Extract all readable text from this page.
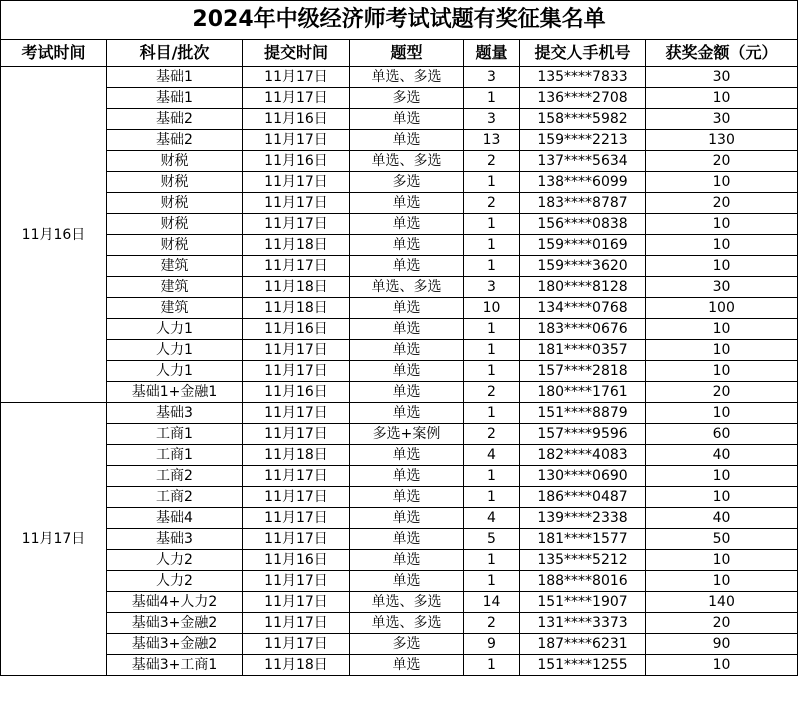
2024年中级经济师考试试题有奖征集名单						
考试时间	科目/批次	提交时间	题型	题量	提交人手机号	获奖金额（元）
11月16日	基础1	11月17日	单选、多选	3	135****7833	30
	基础1	11月17日	多选	1	136****2708	10
	基础2	11月16日	单选	3	158****5982	30
	基础2	11月17日	单选	13	159****2213	130
	财税	11月16日	单选、多选	2	137****5634	20
	财税	11月17日	多选	1	138****6099	10
	财税	11月17日	单选	2	183****8787	20
	财税	11月17日	单选	1	156****0838	10
	财税	11月18日	单选	1	159****0169	10
	建筑	11月17日	单选	1	159****3620	10
	建筑	11月18日	单选、多选	3	180****8128	30
	建筑	11月18日	单选	10	134****0768	100
	人力1	11月16日	单选	1	183****0676	10
	人力1	11月17日	单选	1	181****0357	10
	人力1	11月17日	单选	1	157****2818	10
	基础1+金融1	11月16日	单选	2	180****1761	20
11月17日	基础3	11月17日	单选	1	151****8879	10
	工商1	11月17日	多选+案例	2	157****9596	60
	工商1	11月18日	单选	4	182****4083	40
	工商2	11月17日	单选	1	130****0690	10
	工商2	11月17日	单选	1	186****0487	10
	基础4	11月17日	单选	4	139****2338	40
	基础3	11月17日	单选	5	181****1577	50
	人力2	11月16日	单选	1	135****5212	10
	人力2	11月17日	单选	1	188****8016	10
	基础4+人力2	11月17日	单选、多选	14	151****1907	140
	基础3+金融2	11月17日	单选、多选	2	131****3373	20
	基础3+金融2	11月17日	多选	9	187****6231	90
	基础3+工商1	11月18日	单选	1	151****1255	10
